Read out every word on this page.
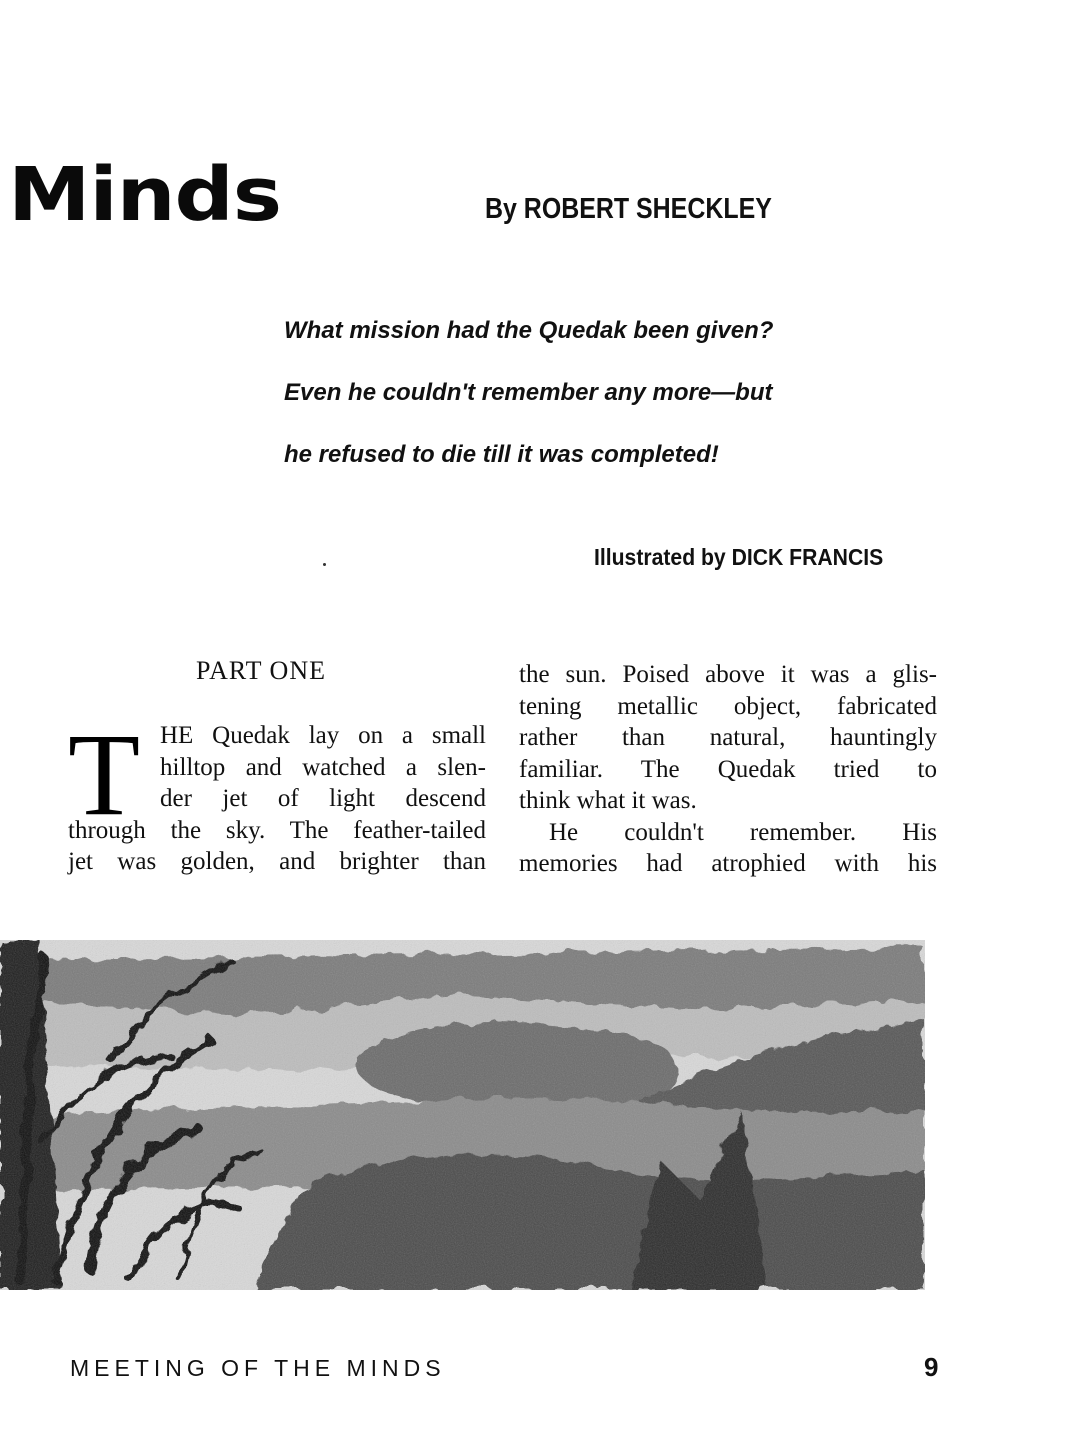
Minds	By ROBERT SHECKLEY
What mission had the Quedak been given?
Even he couldn't remember any more—but
he refused to die till it was completed!
Illustrated by DICK FRANCIS
PART ONE
T HE Quedak lay on a small
hilltop and watched a slen-
der jet of light descend
through the sky. The feather-tailed
jet was golden, and brighter than
the sun. Poised above it was a glis-
tening metallic object, fabricated
rather than natural, hauntingly
familiar. The Quedak tried to
think what it was.
He couldn't remember. His
memories had atrophied with his
MEETING OF THE MINDS	9
